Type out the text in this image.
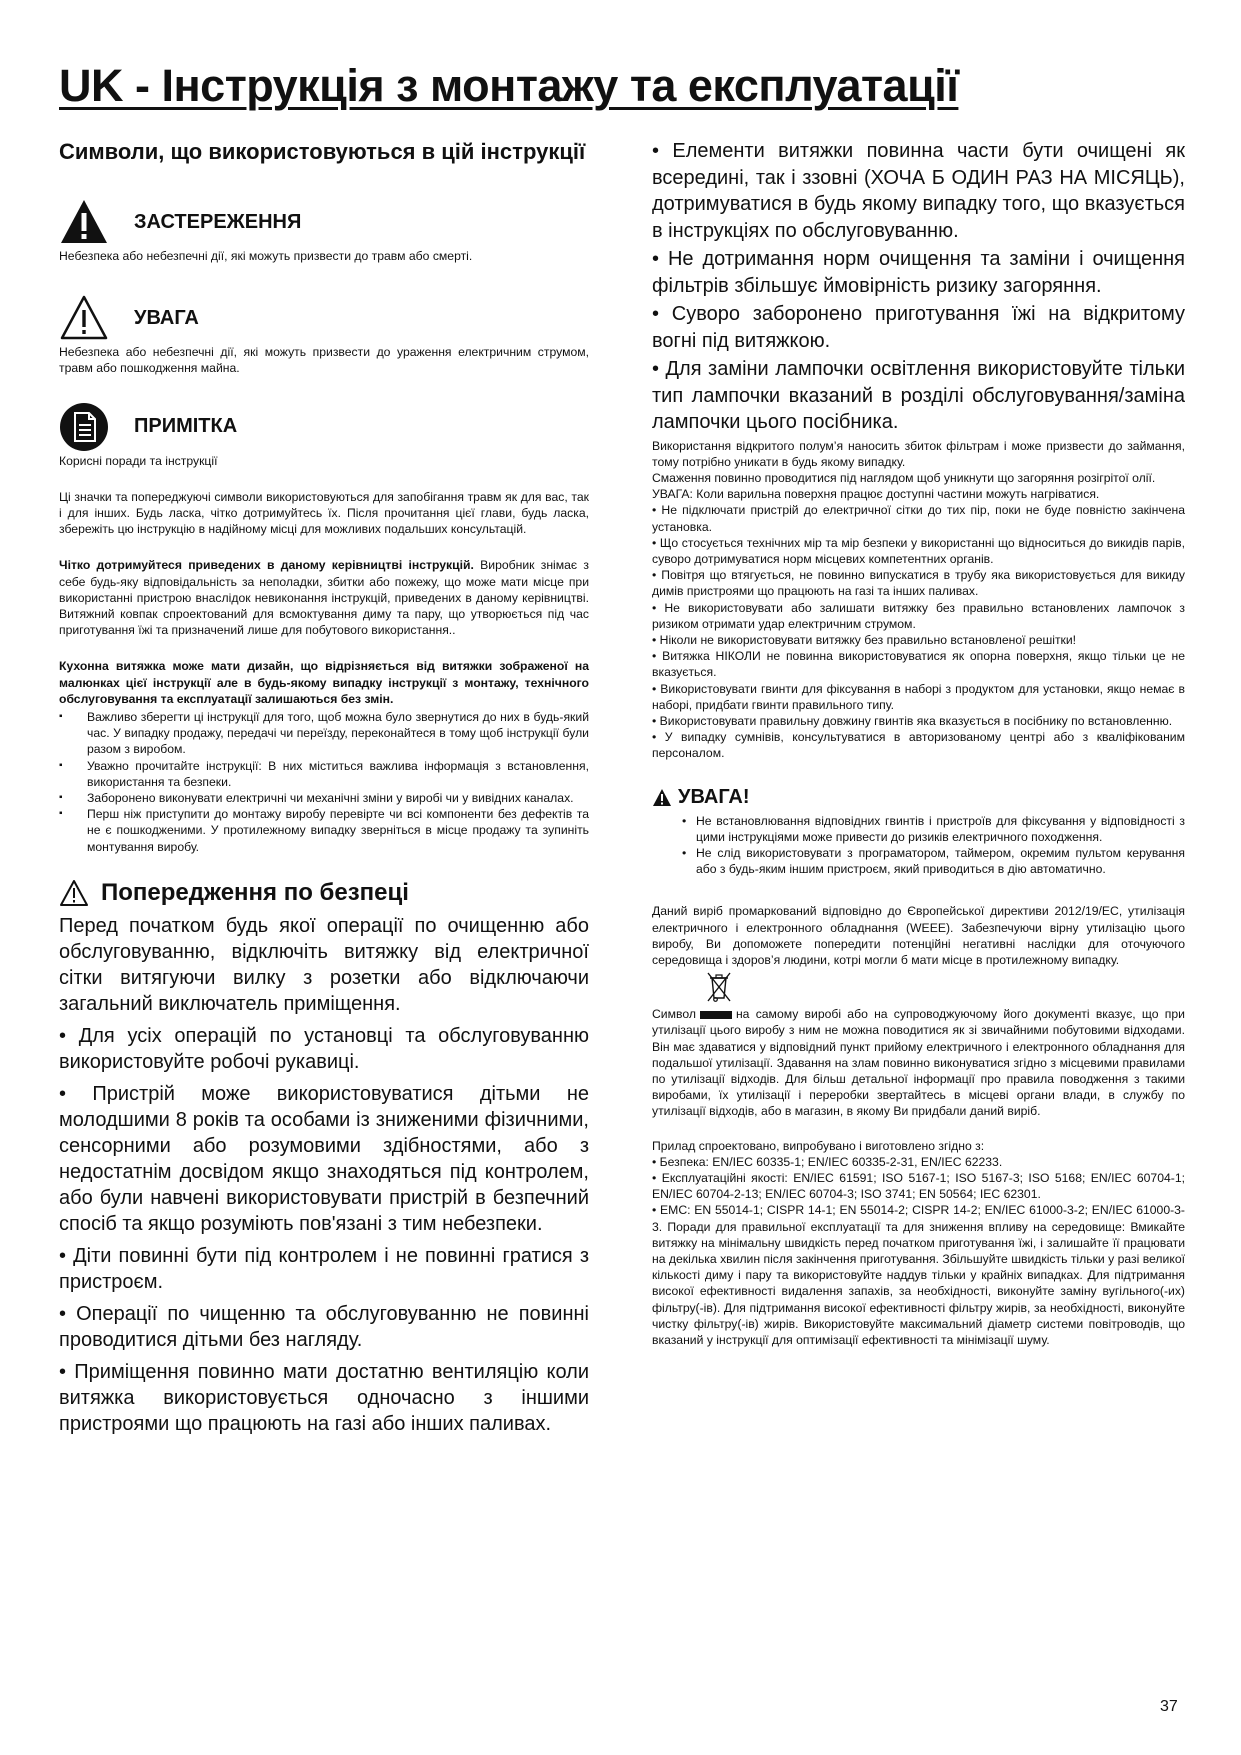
UK - Інструкція з монтажу та експлуатації
Символи, що використовуються в цій інструкції
ЗАСТЕРЕЖЕННЯ

Небезпека або небезпечні дії, які можуть призвести до травм або смерті.

УВАГА

Небезпека або небезпечні дії, які можуть призвести до ураження електричним струмом, травм або пошкодження майна.

ПРИМІТКА

Корисні поради та інструкції

Ці значки та попереджуючі символи використовуються для запобігання травм як для вас, так і для інших. Будь ласка, чітко дотримуйтесь їх. Після прочитання цієї глави, будь ласка, збережіть цю інструкцію в надійному місці для можливих подальших консультацій.

Чітко дотримуйтеся приведених в даному керівництві інструкцій. Виробник знімає з себе будь-яку відповідальність за неполадки, збитки або пожежу, що може мати місце при використанні пристрою внаслідок невиконання інструкцій, приведених в даному керівництві. Витяжний ковпак спроектований для всмоктування диму та пару, що утворюється під час приготування їжі та призначений лише для побутового використання..

Кухонна витяжка може мати дизайн, що відрізняється від витяжки зображеної на малюнках цієї інструкції але в будь-якому випадку інструкції з монтажу, технічного обслуговування та експлуатації залишаються без змін.

▪ Важливо зберегти ці інструкції для того, щоб можна було звернутися до них в будь-який час. У випадку продажу, передачі чи переїзду, переконайтеся в тому щоб інструкції були разом з виробом.
▪ Уважно прочитайте інструкції: В них міститься важлива інформація з встановлення, використання та безпеки.
▪ Заборонено виконувати електричні чи механічні зміни у виробі чи у вивідних каналах.
▪ Перш ніж приступити до монтажу виробу перевірте чи всі компоненти без дефектів та не є пошкодженими. У протилежному випадку зверніться в місце продажу та зупиніть монтування виробу.
Попередження по безпеці

Перед початком будь якої операції по очищенню або обслуговуванню, відключіть витяжку від електричної сітки витягуючи вилку з розетки або відключаючи загальний виключатель приміщення.

• Для усіх операцій по установці та обслуговуванню використовуйте робочі рукавиці.

• Пристрій може використовуватися дітьми не молодшими 8 років та особами із зниженими фізичними, сенсорними або розумовими здібностями, або з недостатнім досвідом якщо знаходяться під контролем, або були навчені використовувати пристрій в безпечний спосіб та якщо розуміють пов'язані з тим небезпеки.

• Діти повинні бути під контролем і не повинні гратися з пристроєм.

• Операції по чищенню та обслуговуванню не повинні проводитися дітьми без нагляду.

• Приміщення повинно мати достатню вентиляцію коли витяжка використовується одночасно з іншими пристроями що працюють на газі або інших паливах.

• Елементи витяжки повинна части бути очищені як всередині, так і ззовні (ХОЧА Б ОДИН РАЗ НА МІСЯЦЬ), дотримуватися в будь якому випадку того, що вказується в інструкціях по обслуговуванню.

• Не дотримання норм очищення та заміни і очищення фільтрів збільшує ймовірність ризику загоряння.

• Суворо заборонено приготування їжі на відкритому вогні під витяжкою.

• Для заміни лампочки освітлення використовуйте тільки тип лампочки вказаний в розділі обслуговування/заміна лампочки цього посібника.

Використання відкритого полум’я наносить збиток фільтрам і може призвести до займання, тому потрібно уникати в будь якому випадку.

Смаження повинно проводитися під наглядом щоб уникнути що загоряння розігрітої олії.

УВАГА: Коли варильна поверхня працює доступні частини можуть нагріватися.

• Не підключати пристрій до електричної сітки до тих пір, поки не буде повністю закінчена установка.

• Що стосується технічних мір та мір безпеки у використанні що відноситься до викидів парів, суворо дотримуватися норм місцевих компетентних органів.

• Повітря що втягується, не повинно випускатися в трубу яка використовується для викиду димів пристроями що працюють на газі та інших паливах.

• Не використовувати або залишати витяжку без правильно встановлених лампочок з ризиком отримати удар електричним струмом.

• Ніколи не використовувати витяжку без правильно встановленої решітки!

• Витяжка НІКОЛИ не повинна використовуватися як опорна поверхня, якщо тільки це не вказується.

• Використовувати гвинти для фіксування в наборі з продуктом для установки, якщо немає в наборі, придбати гвинти правильного типу.

• Використовувати правильну довжину гвинтів яка вказується в посібнику по встановленню.

• У випадку сумнівів, консультуватися в авторизованому центрі або з кваліфікованим персоналом.

УВАГА!
• Не встановлювання відповідних гвинтів і пристроїв для фіксування у відповідності з цими інструкціями може привести до ризиків електричного походження.
• Не слід використовувати з програматором, таймером, окремим пультом керування або з будь-яким іншим пристроєм, який приводиться в дію автоматично.

Даний виріб промаркований відповідно до Європейської директиви 2012/19/ЕС, утилізація електричного і електронного обладнання (WEEE). Забезпечуючи вірну утилізацію цього виробу, Ви допоможете попередити потенційні негативні наслідки для оточуючого середовища і здоров’я людини, котрі могли б мати місце в протилежному випадку.

Символ	на самому виробі або на супроводжуючому його документі вказує, що при утилізації цього виробу з ним не можна поводитися як зі звичайними побутовими відходами. Він має здаватися у відповідний пункт прийому електричного і електронного обладнання для подальшої утилізації. Здавання на злам повинно виконуватися згідно з місцевими правилами по утилізації відходів. Для більш детальної інформації про правила поводження з такими виробами, їх утилізації і переробки звертайтесь в місцеві органи влади, в службу по утилізації відходів, або в магазин, в якому Ви придбали даний виріб.

Прилад спроектовано, випробувано і виготовлено згідно з:

• Безпека: EN/IEC 60335-1; EN/IEC 60335-2-31, EN/IEC 62233.

• Експлуатаційні якості: EN/IEC 61591; ISO 5167-1; ISO 5167-3; ISO 5168; EN/IEC 60704-1; EN/IEC 60704-2-13; EN/IEC 60704-3; ISO 3741; EN 50564; IEC 62301.

• EMC: EN 55014-1; CISPR 14-1; EN 55014-2; CISPR 14-2; EN/IEC 61000-3-2; EN/IEC 61000-3-3. Поради для правильної експлуатації та для зниження впливу на середовище: Вмикайте витяжку на мінімальну швидкість перед початком приготування їжі, і залишайте її працювати на декілька хвилин після закінчення приготування. Збільшуйте швидкість тільки у разі великої кількості диму і пару та використовуйте наддув тільки у крайніх випадках. Для підтримання високої ефективності видалення запахів, за необхідності, виконуйте заміну вугільного(-их) фільтру(-ів). Для підтримання високої ефективності фільтру жирів, за необхідності, виконуйте чистку фільтру(-ів) жирів. Використовуйте максимальний діаметр системи повітроводів, що вказаний у інструкції для оптимізації ефективності та мінімізації шуму.

37
